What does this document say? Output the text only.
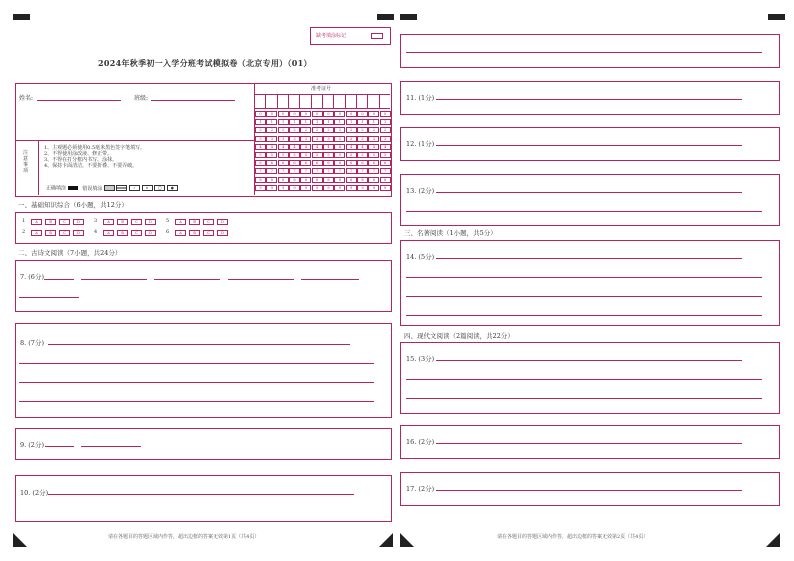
缺考填涂标记
2024年秋季初一入学分班考试模拟卷（北京专用）（01）
姓名:	班级:
注意事项
1、主观题必须使用0.5毫米黑色签字笔填写。
2、不得使用涂改液、修正带。
3、不得在打分框内书写、涂抹。
4、保持卡面清洁，不要折叠、不要弄破。
正确填涂	错误填涂	✓	✕	◯	●
准考证号
0	0	0	0	0	0	0	0	0	0	0	0
1	1	1	1	1	1	1	1	1	1	1	1
2	2	2	2	2	2	2	2	2	2	2	2
3	3	3	3	3	3	3	3	3	3	3	3
4	4	4	4	4	4	4	4	4	4	4	4
5	5	5	5	5	5	5	5	5	5	5	5
6	6	6	6	6	6	6	6	6	6	6	6
7	7	7	7	7	7	7	7	7	7	7	7
8	8	8	8	8	8	8	8	8	8	8	8
9	9	9	9	9	9	9	9	9	9	9	9
一、基础知识综合（6小题，共12分）
1	A	B	C	D
2	A	B	C	D
3	A	B	C	D
4	A	B	C	D
5	A	B	C	D
6	A	B	C	D
二、古诗文阅读（7小题，共24分）
7. (6分)
8. (7分)
9. (2分)
10. (2分)
请在各题目的答题区域内作答，超出边框的答案无效第1页（共4页）
11. (1分)
12. (1分)
13. (2分)
三、名著阅读（1小题，共5分）
14. (5分)
四、现代文阅读（2篇阅读，共22分）
15. (3分)
16. (2分)
17. (2分)
请在各题目的答题区域内作答，超出边框的答案无效第2页（共4页）
